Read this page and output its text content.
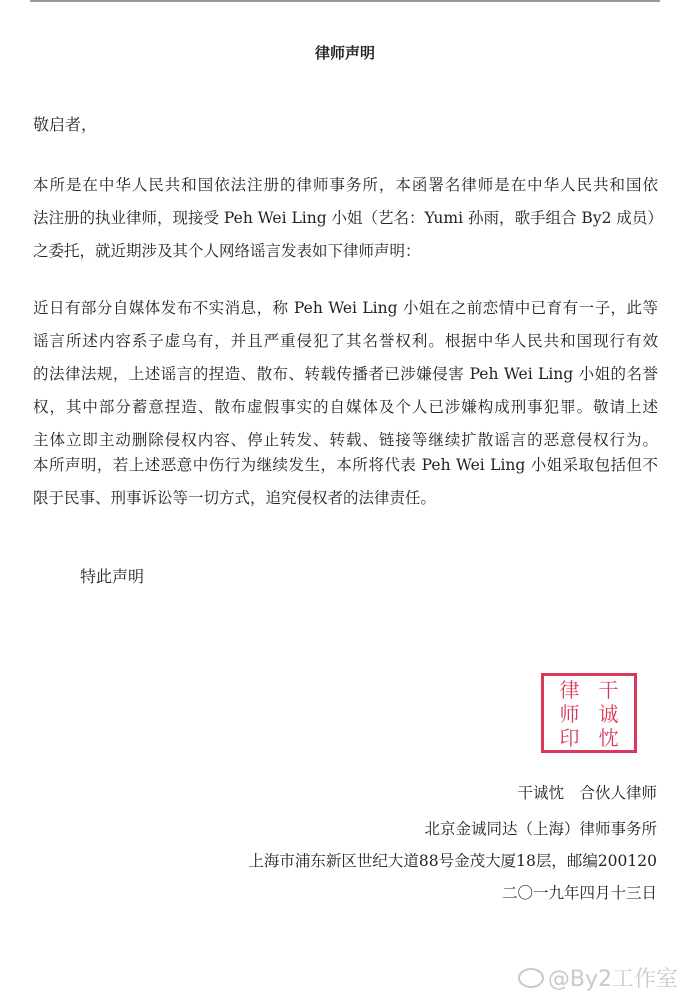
律师声明
敬启者，
本所是在中华人民共和国依法注册的律师事务所，本函署名律师是在中华人民共和国依
法注册的执业律师，现接受 Peh Wei Ling 小姐（艺名：Yumi 孙雨，歌手组合 By2 成员）
之委托，就近期涉及其个人网络谣言发表如下律师声明：
近日有部分自媒体发布不实消息，称 Peh Wei Ling 小姐在之前恋情中已育有一子，此等
谣言所述内容系子虚乌有，并且严重侵犯了其名誉权利。根据中华人民共和国现行有效
的法律法规，上述谣言的捏造、散布、转载传播者已涉嫌侵害 Peh Wei Ling 小姐的名誉
权，其中部分蓄意捏造、散布虚假事实的自媒体及个人已涉嫌构成刑事犯罪。敬请上述
主体立即主动删除侵权内容、停止转发、转载、链接等继续扩散谣言的恶意侵权行为。
本所声明，若上述恶意中伤行为继续发生，本所将代表 Peh Wei Ling 小姐采取包括但不
限于民事、刑事诉讼等一切方式，追究侵权者的法律责任。
特此声明
律
师
印
干
诚
忱
干诚忱　合伙人律师
北京金诚同达（上海）律师事务所
上海市浦东新区世纪大道88号金茂大厦18层，邮编200120
二〇一九年四月十三日
@By2工作室
